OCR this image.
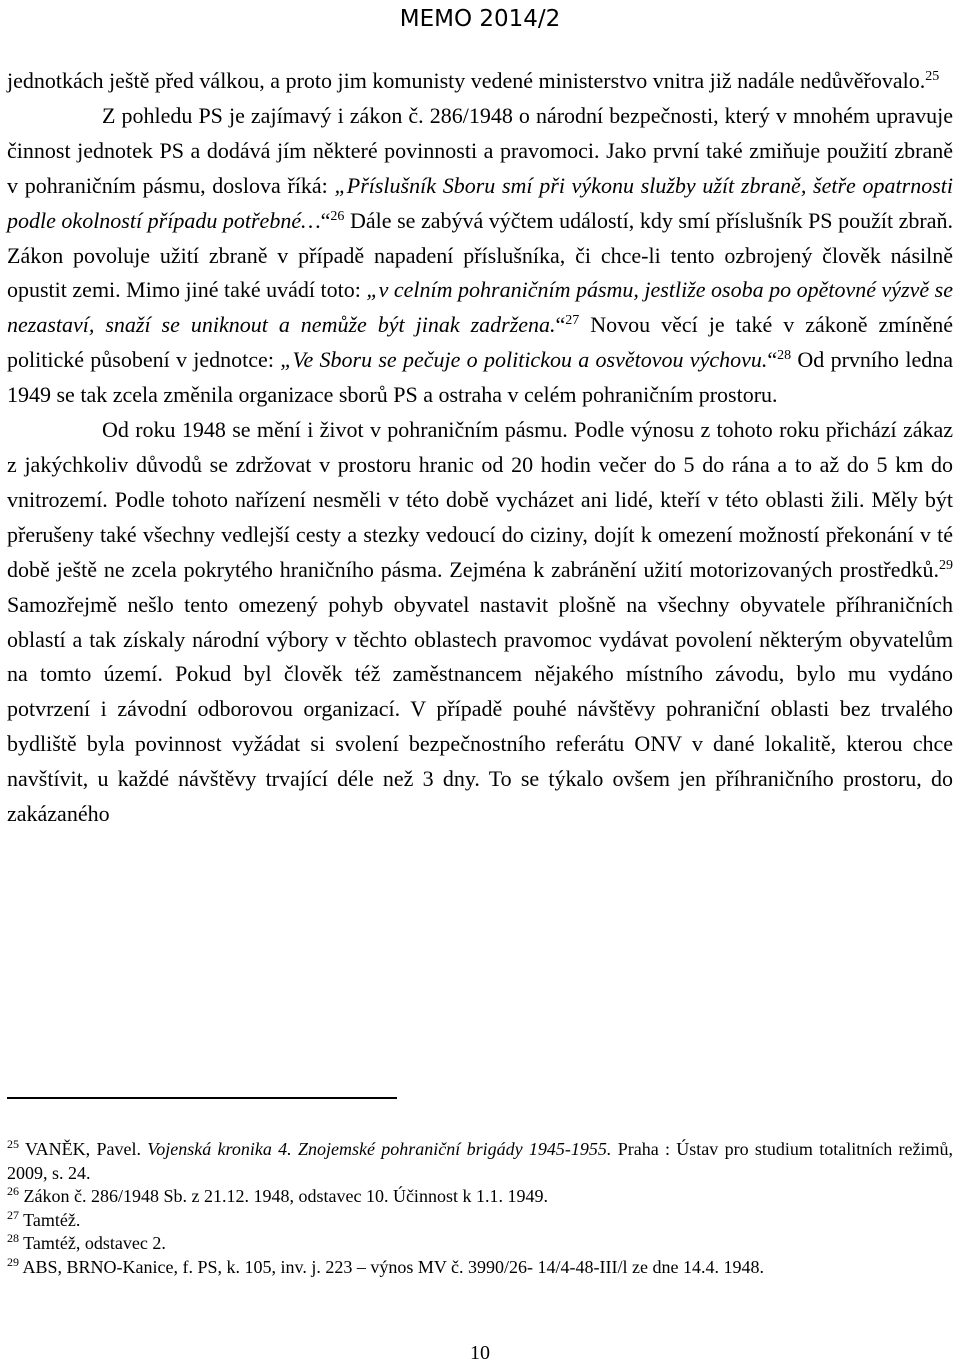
MEMO 2014/2

jednotkách ještě před válkou, a proto jim komunisty vedené ministerstvo vnitra již nadále nedůvěřovalo.$^{25}$

Z pohledu PS je zajímavý i zákon č. 286/1948 o národní bezpečnosti, který v mnohém upravuje činnost jednotek PS a dodává jím některé povinnosti a pravomoci. Jako první také zmiňuje použití zbraně v pohraničním pásmu, doslova říká: „Příslušník Sboru smí při výkonu služby užít zbraně, šetře opatrnosti podle okolností případu potřebné…“$^{26}$ Dále se zabývá výčtem událostí, kdy smí příslušník PS použít zbraň. Zákon povoluje užití zbraně v případě napadení příslušníka, či chce-li tento ozbrojený člověk násilně opustit zemi. Mimo jiné také uvádí toto: „v celním pohraničním pásmu, jestliže osoba po opětovné výzvě se nezastaví, snaží se uniknout a nemůže být jinak zadržena.“$^{27}$ Novou věcí je také v zákoně zmíněné politické působení v jednotce: „Ve Sboru se pečuje o politickou a osvětovou výchovu.“$^{28}$ Od prvního ledna 1949 se tak zcela změnila organizace sborů PS a ostraha v celém pohraničním prostoru.

Od roku 1948 se mění i život v pohraničním pásmu. Podle výnosu z tohoto roku přichází zákaz z jakýchkoliv důvodů se zdržovat v prostoru hranic od 20 hodin večer do 5 do rána a to až do 5 km do vnitrozemí. Podle tohoto nařízení nesměli v této době vycházet ani lidé, kteří v této oblasti žili. Měly být přerušeny také všechny vedlejší cesty a stezky vedoucí do ciziny, dojít k omezení možností překonání v té době ještě ne zcela pokrytého hraničního pásma. Zejména k zabránění užití motorizovaných prostředků.$^{29}$ Samozřejmě nešlo tento omezený pohyb obyvatel nastavit plošně na všechny obyvatele příhraničních oblastí a tak získaly národní výbory v těchto oblastech pravomoc vydávat povolení některým obyvatelům na tomto území. Pokud byl člověk též zaměstnancem nějakého místního závodu, bylo mu vydáno potvrzení i závodní odborovou organizací. V případě pouhé návštěvy pohraniční oblasti bez trvalého bydliště byla povinnost vyžádat si svolení bezpečnostního referátu ONV v dané lokalitě, kterou chce navštívit, u každé návštěvy trvající déle než 3 dny. To se týkalo ovšem jen příhraničního prostoru, do zakázaného

$^{25}$ VANĚK, Pavel. Vojenská kronika 4. Znojemské pohraniční brigády 1945-1955. Praha : Ústav pro studium totalitních režimů, 2009, s. 24.

$^{26}$ Zákon č. 286/1948 Sb. z 21.12. 1948, odstavec 10. Účinnost k 1.1. 1949.

$^{27}$ Tamtéž.

$^{28}$ Tamtéž, odstavec 2.

$^{29}$ ABS, BRNO-Kanice, f. PS, k. 105, inv. j. 223 – výnos MV č. 3990/26- 14/4-48-III/l ze dne 14.4. 1948.

10
